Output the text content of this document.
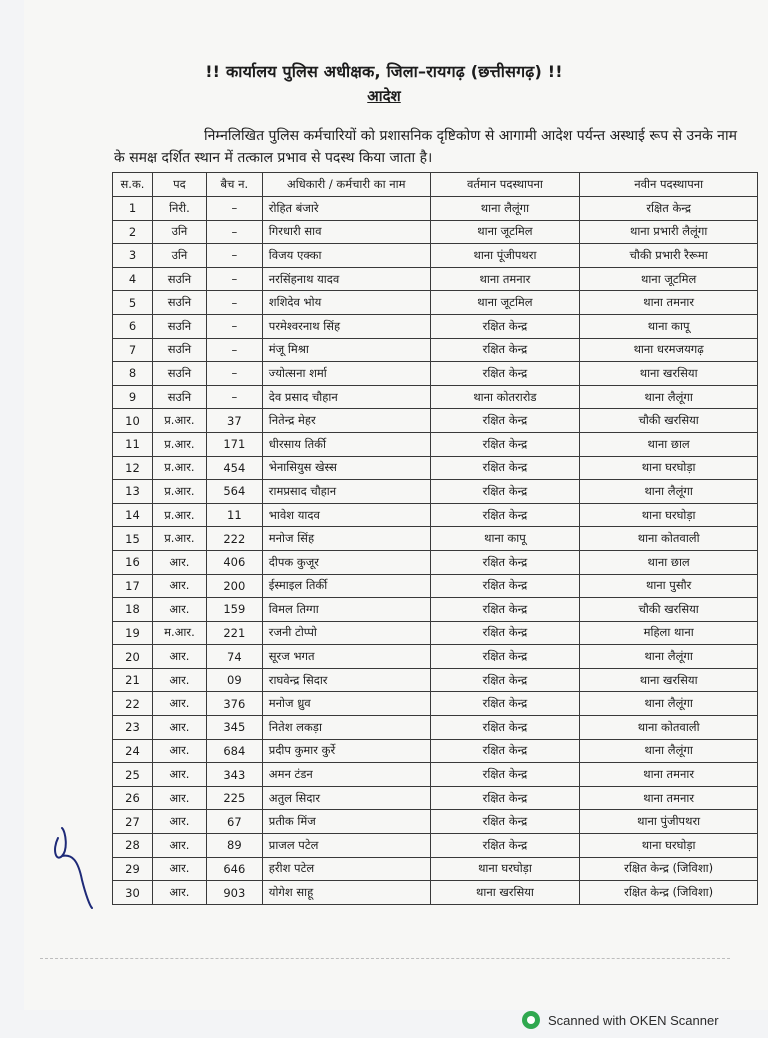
!! कार्यालय पुलिस अधीक्षक, जिला–रायगढ़ (छत्तीसगढ़) !!
आदेश
निम्नलिखित पुलिस कर्मचारियों को प्रशासनिक दृष्टिकोण से आगामी आदेश पर्यन्त अस्थाई रूप से उनके नाम के समक्ष दर्शित स्थान में तत्काल प्रभाव से पदस्थ किया जाता है।
स.क.	पद	बैच न.	अधिकारी / कर्मचारी का नाम	वर्तमान पदस्थापना	नवीन पदस्थापना
1	निरी.	–	रोहित बंजारे	थाना लैलूंगा	रक्षित केन्द्र
2	उनि	–	गिरधारी साव	थाना जूटमिल	थाना प्रभारी लैलूंगा
3	उनि	–	विजय एक्का	थाना पूंजीपथरा	चौकी प्रभारी रैरूमा
4	सउनि	–	नरसिंहनाथ यादव	थाना तमनार	थाना जूटमिल
5	सउनि	–	शशिदेव भोय	थाना जूटमिल	थाना तमनार
6	सउनि	–	परमेश्वरनाथ सिंह	रक्षित केन्द्र	थाना कापू
7	सउनि	–	मंजू मिश्रा	रक्षित केन्द्र	थाना धरमजयगढ़
8	सउनि	–	ज्योत्सना शर्मा	रक्षित केन्द्र	थाना खरसिया
9	सउनि	–	देव प्रसाद चौहान	थाना कोतरारोड	थाना लैलूंगा
10	प्र.आर.	37	नितेन्द्र मेहर	रक्षित केन्द्र	चौकी खरसिया
11	प्र.आर.	171	धीरसाय तिर्की	रक्षित केन्द्र	थाना छाल
12	प्र.आर.	454	भेनासियुस खेस्स	रक्षित केन्द्र	थाना घरघोड़ा
13	प्र.आर.	564	रामप्रसाद चौहान	रक्षित केन्द्र	थाना लैलूंगा
14	प्र.आर.	11	भावेश यादव	रक्षित केन्द्र	थाना घरघोड़ा
15	प्र.आर.	222	मनोज सिंह	थाना कापू	थाना कोतवाली
16	आर.	406	दीपक कुजूर	रक्षित केन्द्र	थाना छाल
17	आर.	200	ईस्माइल तिर्की	रक्षित केन्द्र	थाना पुसौर
18	आर.	159	विमल तिग्गा	रक्षित केन्द्र	चौकी खरसिया
19	म.आर.	221	रजनी टोप्पो	रक्षित केन्द्र	महिला थाना
20	आर.	74	सूरज भगत	रक्षित केन्द्र	थाना लैलूंगा
21	आर.	09	राघवेन्द्र सिदार	रक्षित केन्द्र	थाना खरसिया
22	आर.	376	मनोज ध्रुव	रक्षित केन्द्र	थाना लैलूंगा
23	आर.	345	नितेश लकड़ा	रक्षित केन्द्र	थाना कोतवाली
24	आर.	684	प्रदीप कुमार कुर्रे	रक्षित केन्द्र	थाना लैलूंगा
25	आर.	343	अमन टंडन	रक्षित केन्द्र	थाना तमनार
26	आर.	225	अतुल सिदार	रक्षित केन्द्र	थाना तमनार
27	आर.	67	प्रतीक मिंज	रक्षित केन्द्र	थाना पुंजीपथरा
28	आर.	89	प्राजल पटेल	रक्षित केन्द्र	थाना घरघोड़ा
29	आर.	646	हरीश पटेल	थाना घरघोड़ा	रक्षित केन्द्र (जिविशा)
30	आर.	903	योगेश साहू	थाना खरसिया	रक्षित केन्द्र (जिविशा)
Scanned with OKEN Scanner
